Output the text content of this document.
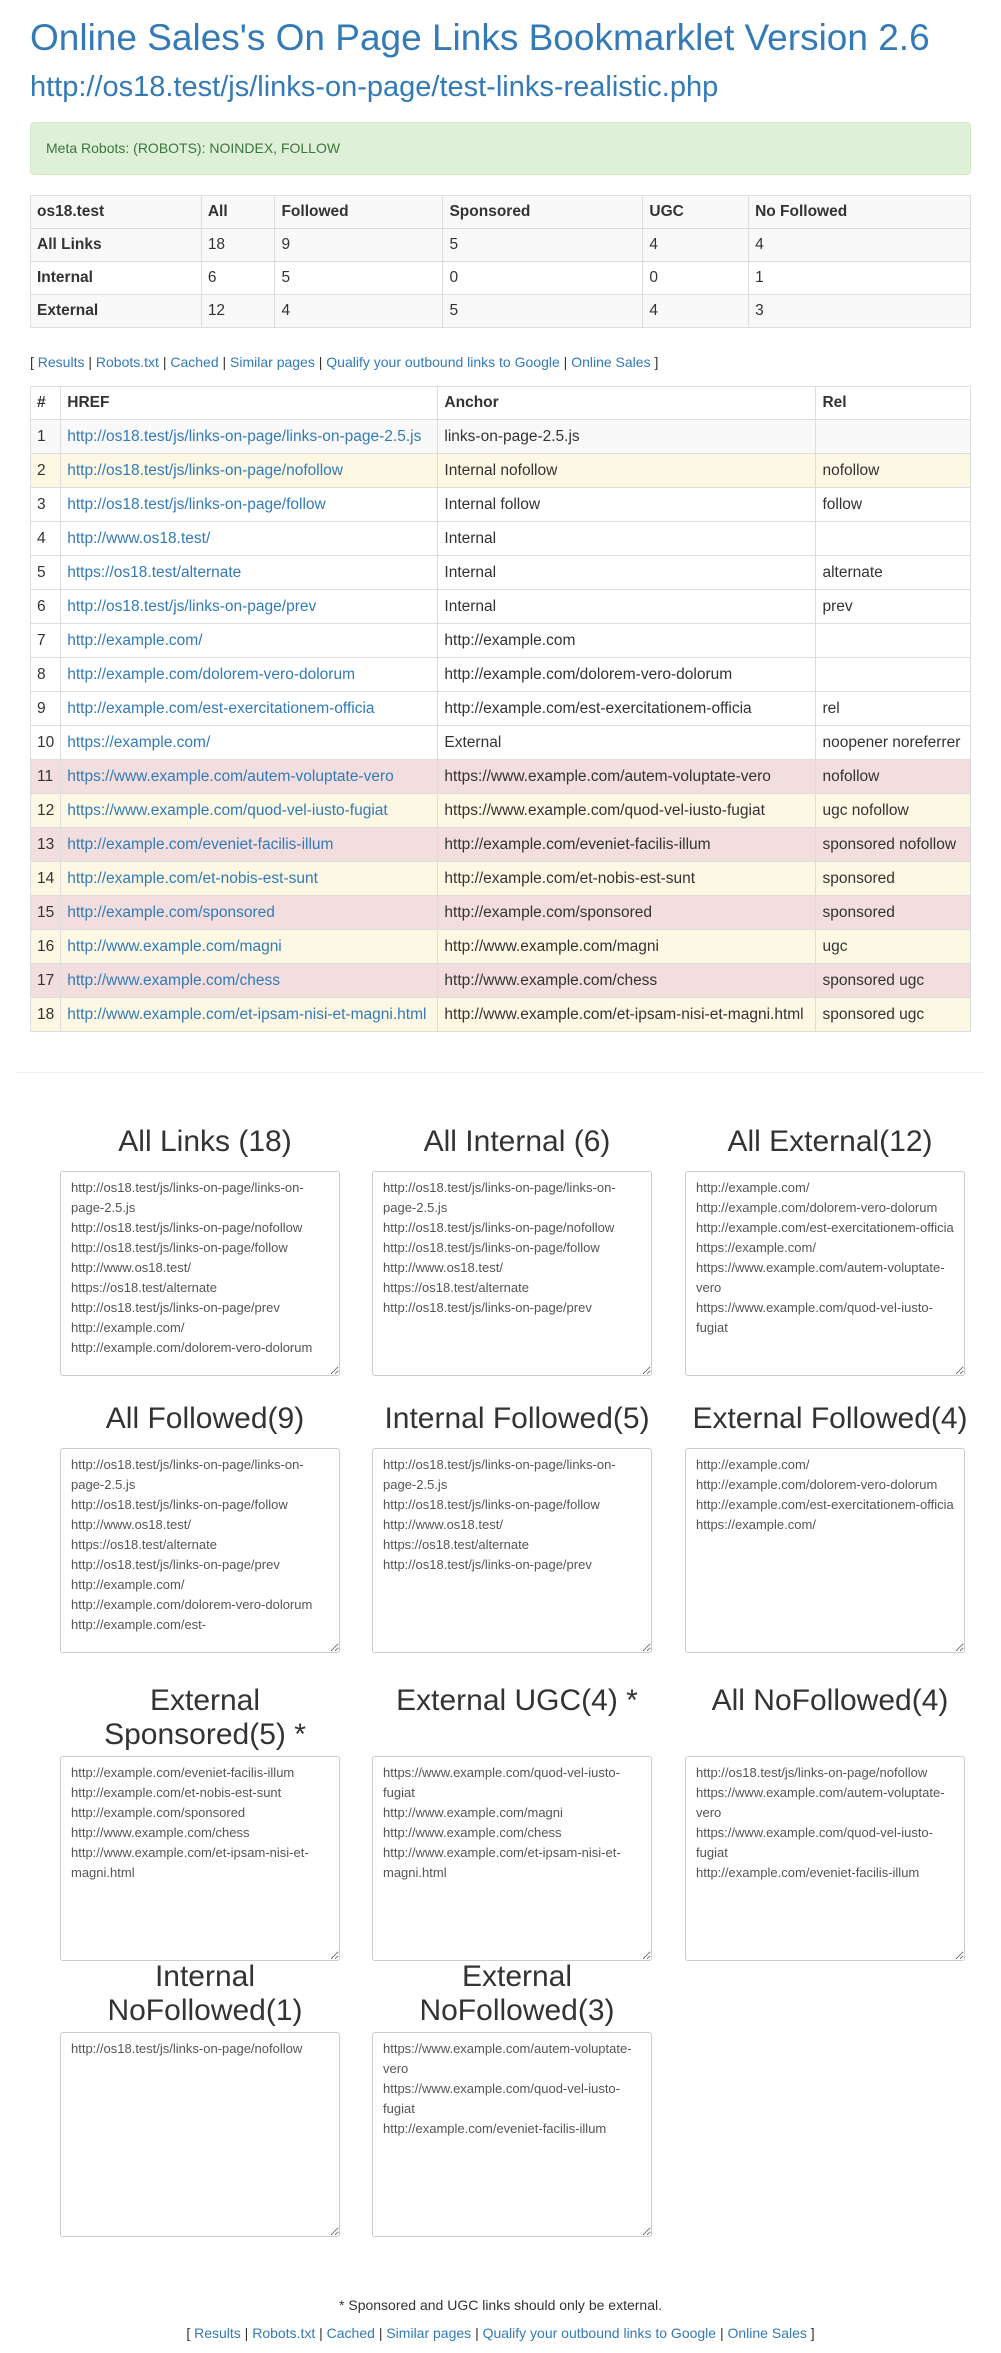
Online Sales's On Page Links Bookmarklet Version 2.6
http://os18.test/js/links-on-page/test-links-realistic.php
Meta Robots: (ROBOTS): NOINDEX, FOLLOW
os18.test	All	Followed	Sponsored	UGC	No Followed
All Links	18	9	5	4	4
Internal	6	5	0	0	1
External	12	4	5	4	3
[ Results | Robots.txt | Cached | Similar pages | Qualify your outbound links to Google | Online Sales ]
#	HREF	Anchor	Rel
1	http://os18.test/js/links-on-page/links-on-page-2.5.js	links-on-page-2.5.js	
2	http://os18.test/js/links-on-page/nofollow	Internal nofollow	nofollow
3	http://os18.test/js/links-on-page/follow	Internal follow	follow
4	http://www.os18.test/	Internal	
5	https://os18.test/alternate	Internal	alternate
6	http://os18.test/js/links-on-page/prev	Internal	prev
7	http://example.com/	http://example.com	
8	http://example.com/dolorem-vero-dolorum	http://example.com/dolorem-vero-dolorum	
9	http://example.com/est-exercitationem-officia	http://example.com/est-exercitationem-officia	rel
10	https://example.com/	External	noopener noreferrer
11	https://www.example.com/autem-voluptate-vero	https://www.example.com/autem-voluptate-vero	nofollow
12	https://www.example.com/quod-vel-iusto-fugiat	https://www.example.com/quod-vel-iusto-fugiat	ugc nofollow
13	http://example.com/eveniet-facilis-illum	http://example.com/eveniet-facilis-illum	sponsored nofollow
14	http://example.com/et-nobis-est-sunt	http://example.com/et-nobis-est-sunt	sponsored
15	http://example.com/sponsored	http://example.com/sponsored	sponsored
16	http://www.example.com/magni	http://www.example.com/magni	ugc
17	http://www.example.com/chess	http://www.example.com/chess	sponsored ugc
18	http://www.example.com/et-ipsam-nisi-et-magni.html	http://www.example.com/et-ipsam-nisi-et-magni.html	sponsored ugc
All Links (18)
http://os18.test/js/links-on-page/links-on-page-2.5.js http://os18.test/js/links-on-page/nofollow http://os18.test/js/links-on-page/follow http://www.os18.test/ https://os18.test/alternate http://os18.test/js/links-on-page/prev http://example.com/ http://example.com/dolorem-vero-dolorum	All Internal (6)
http://os18.test/js/links-on-page/links-on-page-2.5.js http://os18.test/js/links-on-page/nofollow http://os18.test/js/links-on-page/follow http://www.os18.test/ https://os18.test/alternate http://os18.test/js/links-on-page/prev	All External(12)
http://example.com/ http://example.com/dolorem-vero-dolorum http://example.com/est-exercitationem-officia https://example.com/ https://www.example.com/autem-voluptate-vero https://www.example.com/quod-vel-iusto-fugiat
All Followed(9)
http://os18.test/js/links-on-page/links-on-page-2.5.js http://os18.test/js/links-on-page/follow http://www.os18.test/ https://os18.test/alternate http://os18.test/js/links-on-page/prev http://example.com/ http://example.com/dolorem-vero-dolorum http://example.com/est-	Internal Followed(5)
http://os18.test/js/links-on-page/links-on-page-2.5.js http://os18.test/js/links-on-page/follow http://www.os18.test/ https://os18.test/alternate http://os18.test/js/links-on-page/prev	External Followed(4)
http://example.com/ http://example.com/dolorem-vero-dolorum http://example.com/est-exercitationem-officia https://example.com/
External Sponsored(5) *
http://example.com/eveniet-facilis-illum http://example.com/et-nobis-est-sunt http://example.com/sponsored http://www.example.com/chess http://www.example.com/et-ipsam-nisi-et-magni.html
External UGC(4) *
https://www.example.com/quod-vel-iusto-fugiat http://www.example.com/magni http://www.example.com/chess http://www.example.com/et-ipsam-nisi-et-magni.html	All NoFollowed(4)
http://os18.test/js/links-on-page/nofollow https://www.example.com/autem-voluptate-vero https://www.example.com/quod-vel-iusto-fugiat http://example.com/eveniet-facilis-illum
Internal NoFollowed(1)
http://os18.test/js/links-on-page/nofollow
External NoFollowed(3)
https://www.example.com/autem-voluptate-vero https://www.example.com/quod-vel-iusto-fugiat http://example.com/eveniet-facilis-illum
* Sponsored and UGC links should only be external.
[ Results | Robots.txt | Cached | Similar pages | Qualify your outbound links to Google | Online Sales ]
